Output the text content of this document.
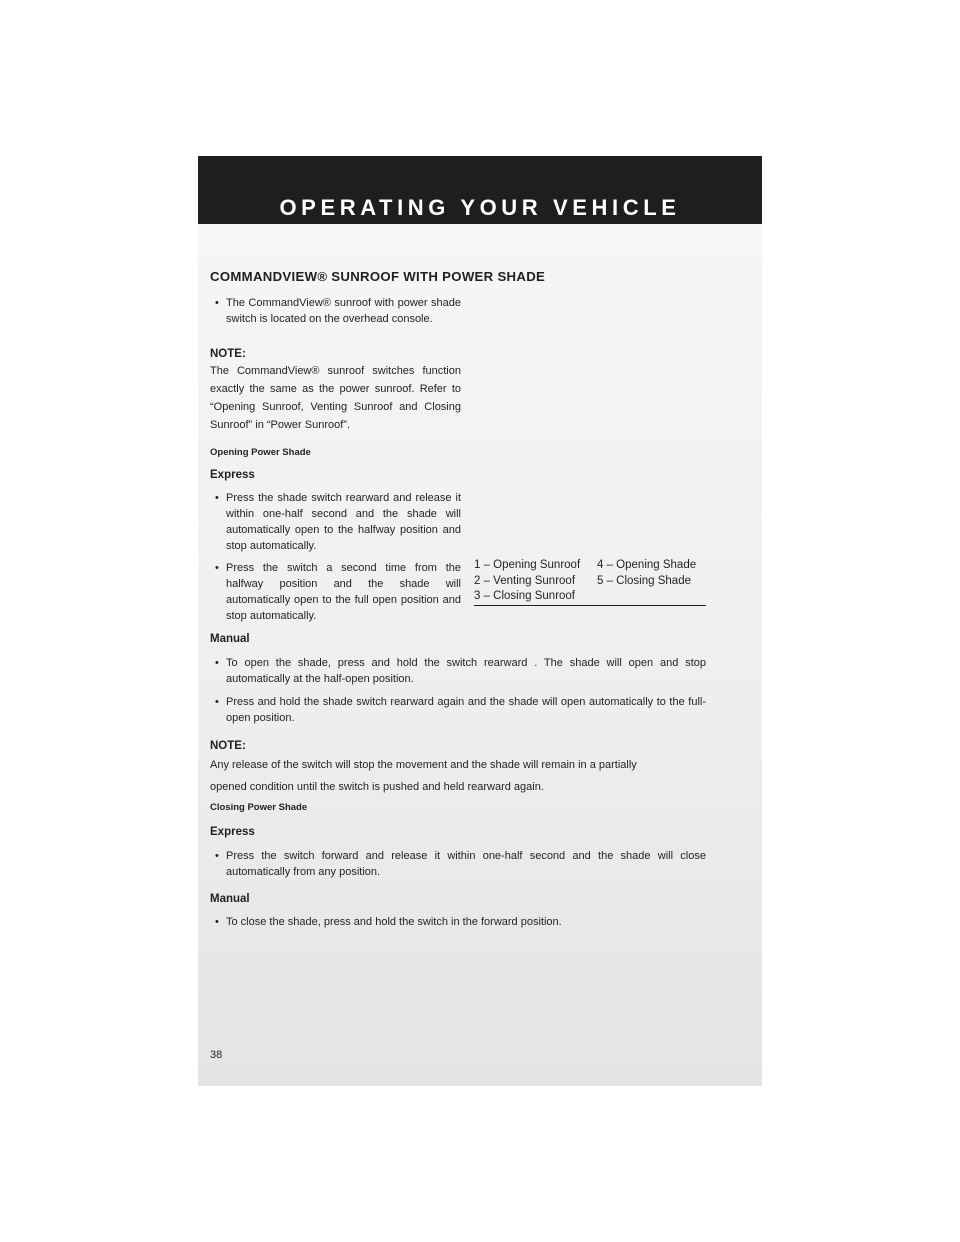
OPERATING YOUR VEHICLE
COMMANDVIEW® SUNROOF WITH POWER SHADE

• The CommandView® sunroof with power shade switch is located on the overhead console.

NOTE:

The CommandView® sunroof switches function exactly the same as the power sunroof. Refer to “Opening Sunroof, Venting Sunroof and Closing Sunroof” in “Power Sunroof”.

Opening Power Shade

Express

• Press the shade switch rearward and release it within one-half second and the shade will automatically open to the halfway position and stop automatically.

• Press the switch a second time from the halfway position and the shade will automatically open to the full open position and stop automatically.

1 – Opening Sunroof
2 – Venting Sunroof
3 – Closing Sunroof
4 – Opening Shade
5 – Closing Shade

Manual

• To open the shade, press and hold the switch rearward . The shade will open and stop automatically at the half-open position.

• Press and hold the shade switch rearward again and the shade will open automatically to the full-open position.

NOTE:

Any release of the switch will stop the movement and the shade will remain in a partially opened condition until the switch is pushed and held rearward again.

Closing Power Shade

Express

• Press the switch forward and release it within one-half second and the shade will close automatically from any position.

Manual

• To close the shade, press and hold the switch in the forward position.

38
